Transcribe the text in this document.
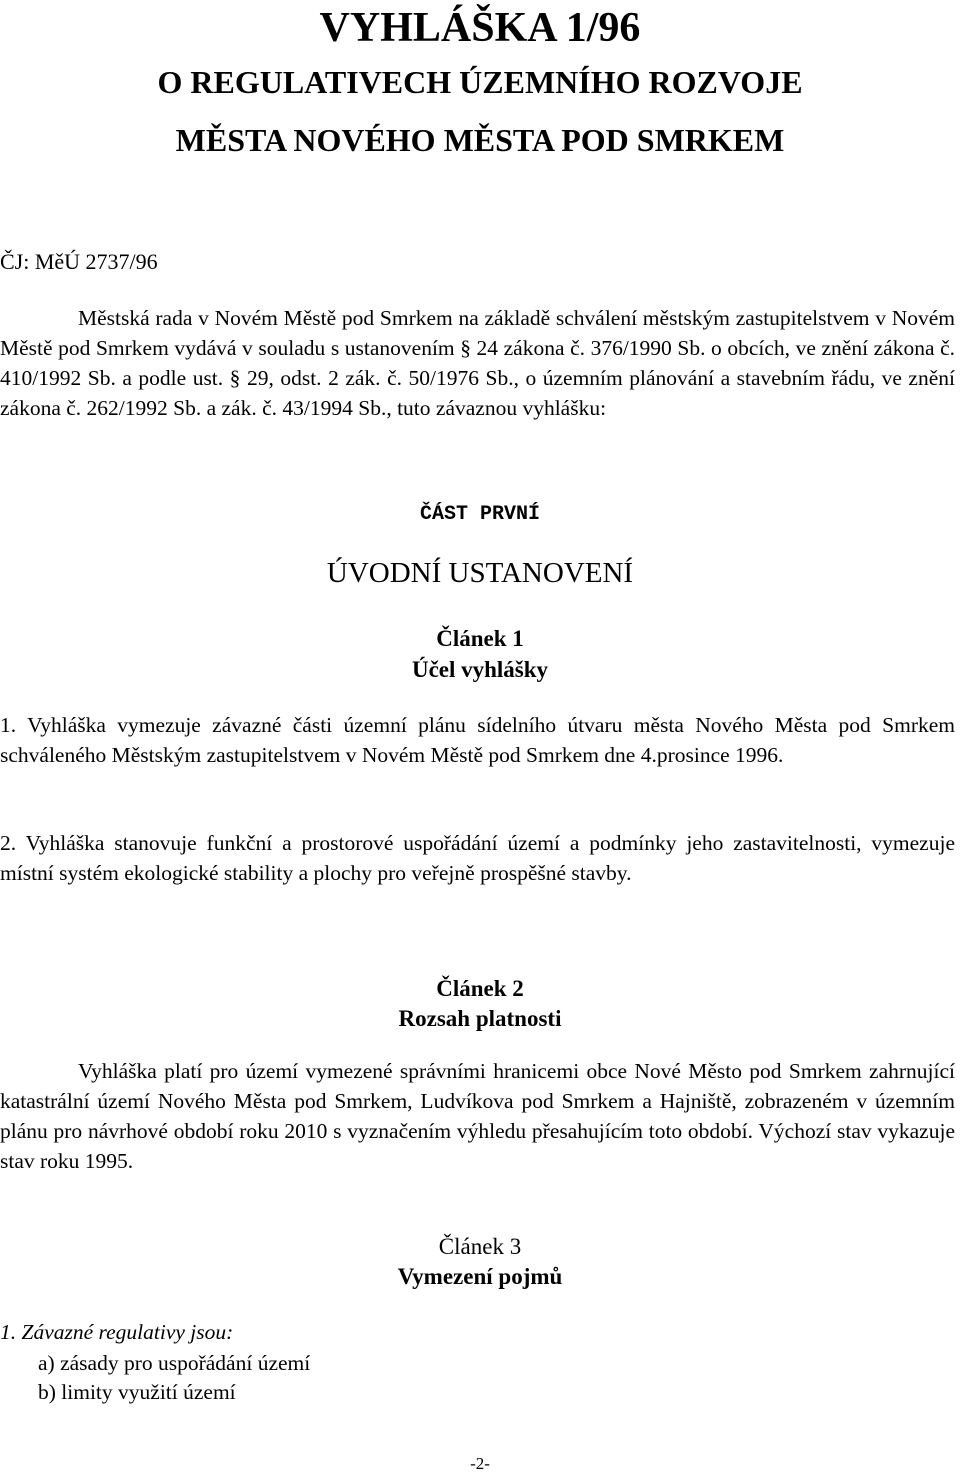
VYHLÁŠKA 1/96
O REGULATIVECH ÚZEMNÍHO ROZVOJE
MĚSTA NOVÉHO MĚSTA POD SMRKEM
ČJ: MěÚ 2737/96
Městská rada v Novém Městě pod Smrkem na základě schválení městským zastupitelstvem v Novém Městě pod Smrkem vydává v souladu s ustanovením § 24 zákona č. 376/1990 Sb. o obcích, ve znění zákona č. 410/1992 Sb. a podle ust. § 29, odst. 2 zák. č. 50/1976 Sb., o územním plánování a stavebním řádu, ve znění zákona č. 262/1992 Sb. a zák. č. 43/1994 Sb., tuto závaznou vyhlášku:
ČÁST PRVNÍ
ÚVODNÍ USTANOVENÍ
Článek 1
Účel vyhlášky
1. Vyhláška vymezuje závazné části územní plánu sídelního útvaru města Nového Města pod Smrkem schváleného Městským zastupitelstvem v Novém Městě pod Smrkem dne 4.prosince 1996.
2. Vyhláška stanovuje funkční a prostorové uspořádání území a podmínky jeho zastavitelnosti, vymezuje místní systém ekologické stability a plochy pro veřejně prospěšné stavby.
Článek 2
Rozsah platnosti
Vyhláška platí pro území vymezené správními hranicemi obce Nové Město pod Smrkem zahrnující katastrální území Nového Města pod Smrkem, Ludvíkova pod Smrkem a Hajniště, zobrazeném v územním plánu pro návrhové období roku 2010 s vyznačením výhledu přesahujícím toto období. Výchozí stav vykazuje stav roku 1995.
Článek 3
Vymezení pojmů
1. Závazné regulativy jsou:
a) zásady pro uspořádání území
b) limity využití území
-2-
